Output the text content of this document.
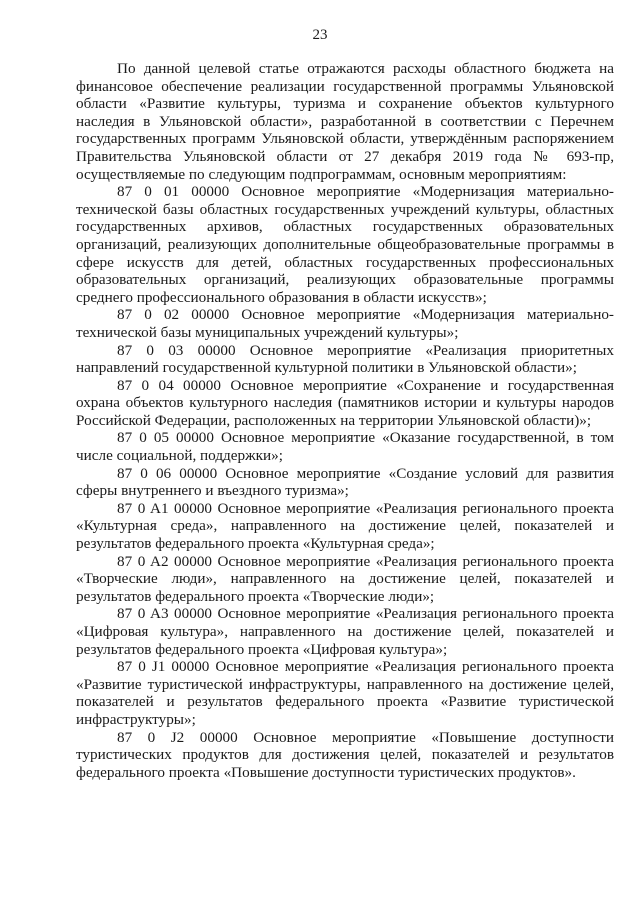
23

По данной целевой статье отражаются расходы областного бюджета на финансовое обеспечение реализации государственной программы Ульяновской области «Развитие культуры, туризма и сохранение объектов культурного наследия в Ульяновской области», разработанной в соответствии с Перечнем государственных программ Ульяновской области, утверждённым распоряжением Правительства Ульяновской области от 27 декабря 2019 года № 693-пр, осуществляемые по следующим подпрограммам, основным мероприятиям:

87 0 01 00000 Основное мероприятие «Модернизация материально-технической базы областных государственных учреждений культуры, областных государственных архивов, областных государственных образовательных организаций, реализующих дополнительные общеобразовательные программы в сфере искусств для детей, областных государственных профессиональных образовательных организаций, реализующих образовательные программы среднего профессионального образования в области искусств»;

87 0 02 00000 Основное мероприятие «Модернизация материально-технической базы муниципальных учреждений культуры»;

87 0 03 00000 Основное мероприятие «Реализация приоритетных направлений государственной культурной политики в Ульяновской области»;

87 0 04 00000 Основное мероприятие «Сохранение и государственная охрана объектов культурного наследия (памятников истории и культуры народов Российской Федерации, расположенных на территории Ульяновской области)»;

87 0 05 00000 Основное мероприятие «Оказание государственной, в том числе социальной, поддержки»;

87 0 06 00000 Основное мероприятие «Создание условий для развития сферы внутреннего и въездного туризма»;

87 0 A1 00000 Основное мероприятие «Реализация регионального проекта «Культурная среда», направленного на достижение целей, показателей и результатов федерального проекта «Культурная среда»;

87 0 A2 00000 Основное мероприятие «Реализация регионального проекта «Творческие люди», направленного на достижение целей, показателей и результатов федерального проекта «Творческие люди»;

87 0 A3 00000 Основное мероприятие «Реализация регионального проекта «Цифровая культура», направленного на достижение целей, показателей и результатов федерального проекта «Цифровая культура»;

87 0 J1 00000 Основное мероприятие «Реализация регионального проекта «Развитие туристической инфраструктуры, направленного на достижение целей, показателей и результатов федерального проекта «Развитие туристической инфраструктуры»;

87 0 J2 00000 Основное мероприятие «Повышение доступности туристических продуктов для достижения целей, показателей и результатов федерального проекта «Повышение доступности туристических продуктов».
